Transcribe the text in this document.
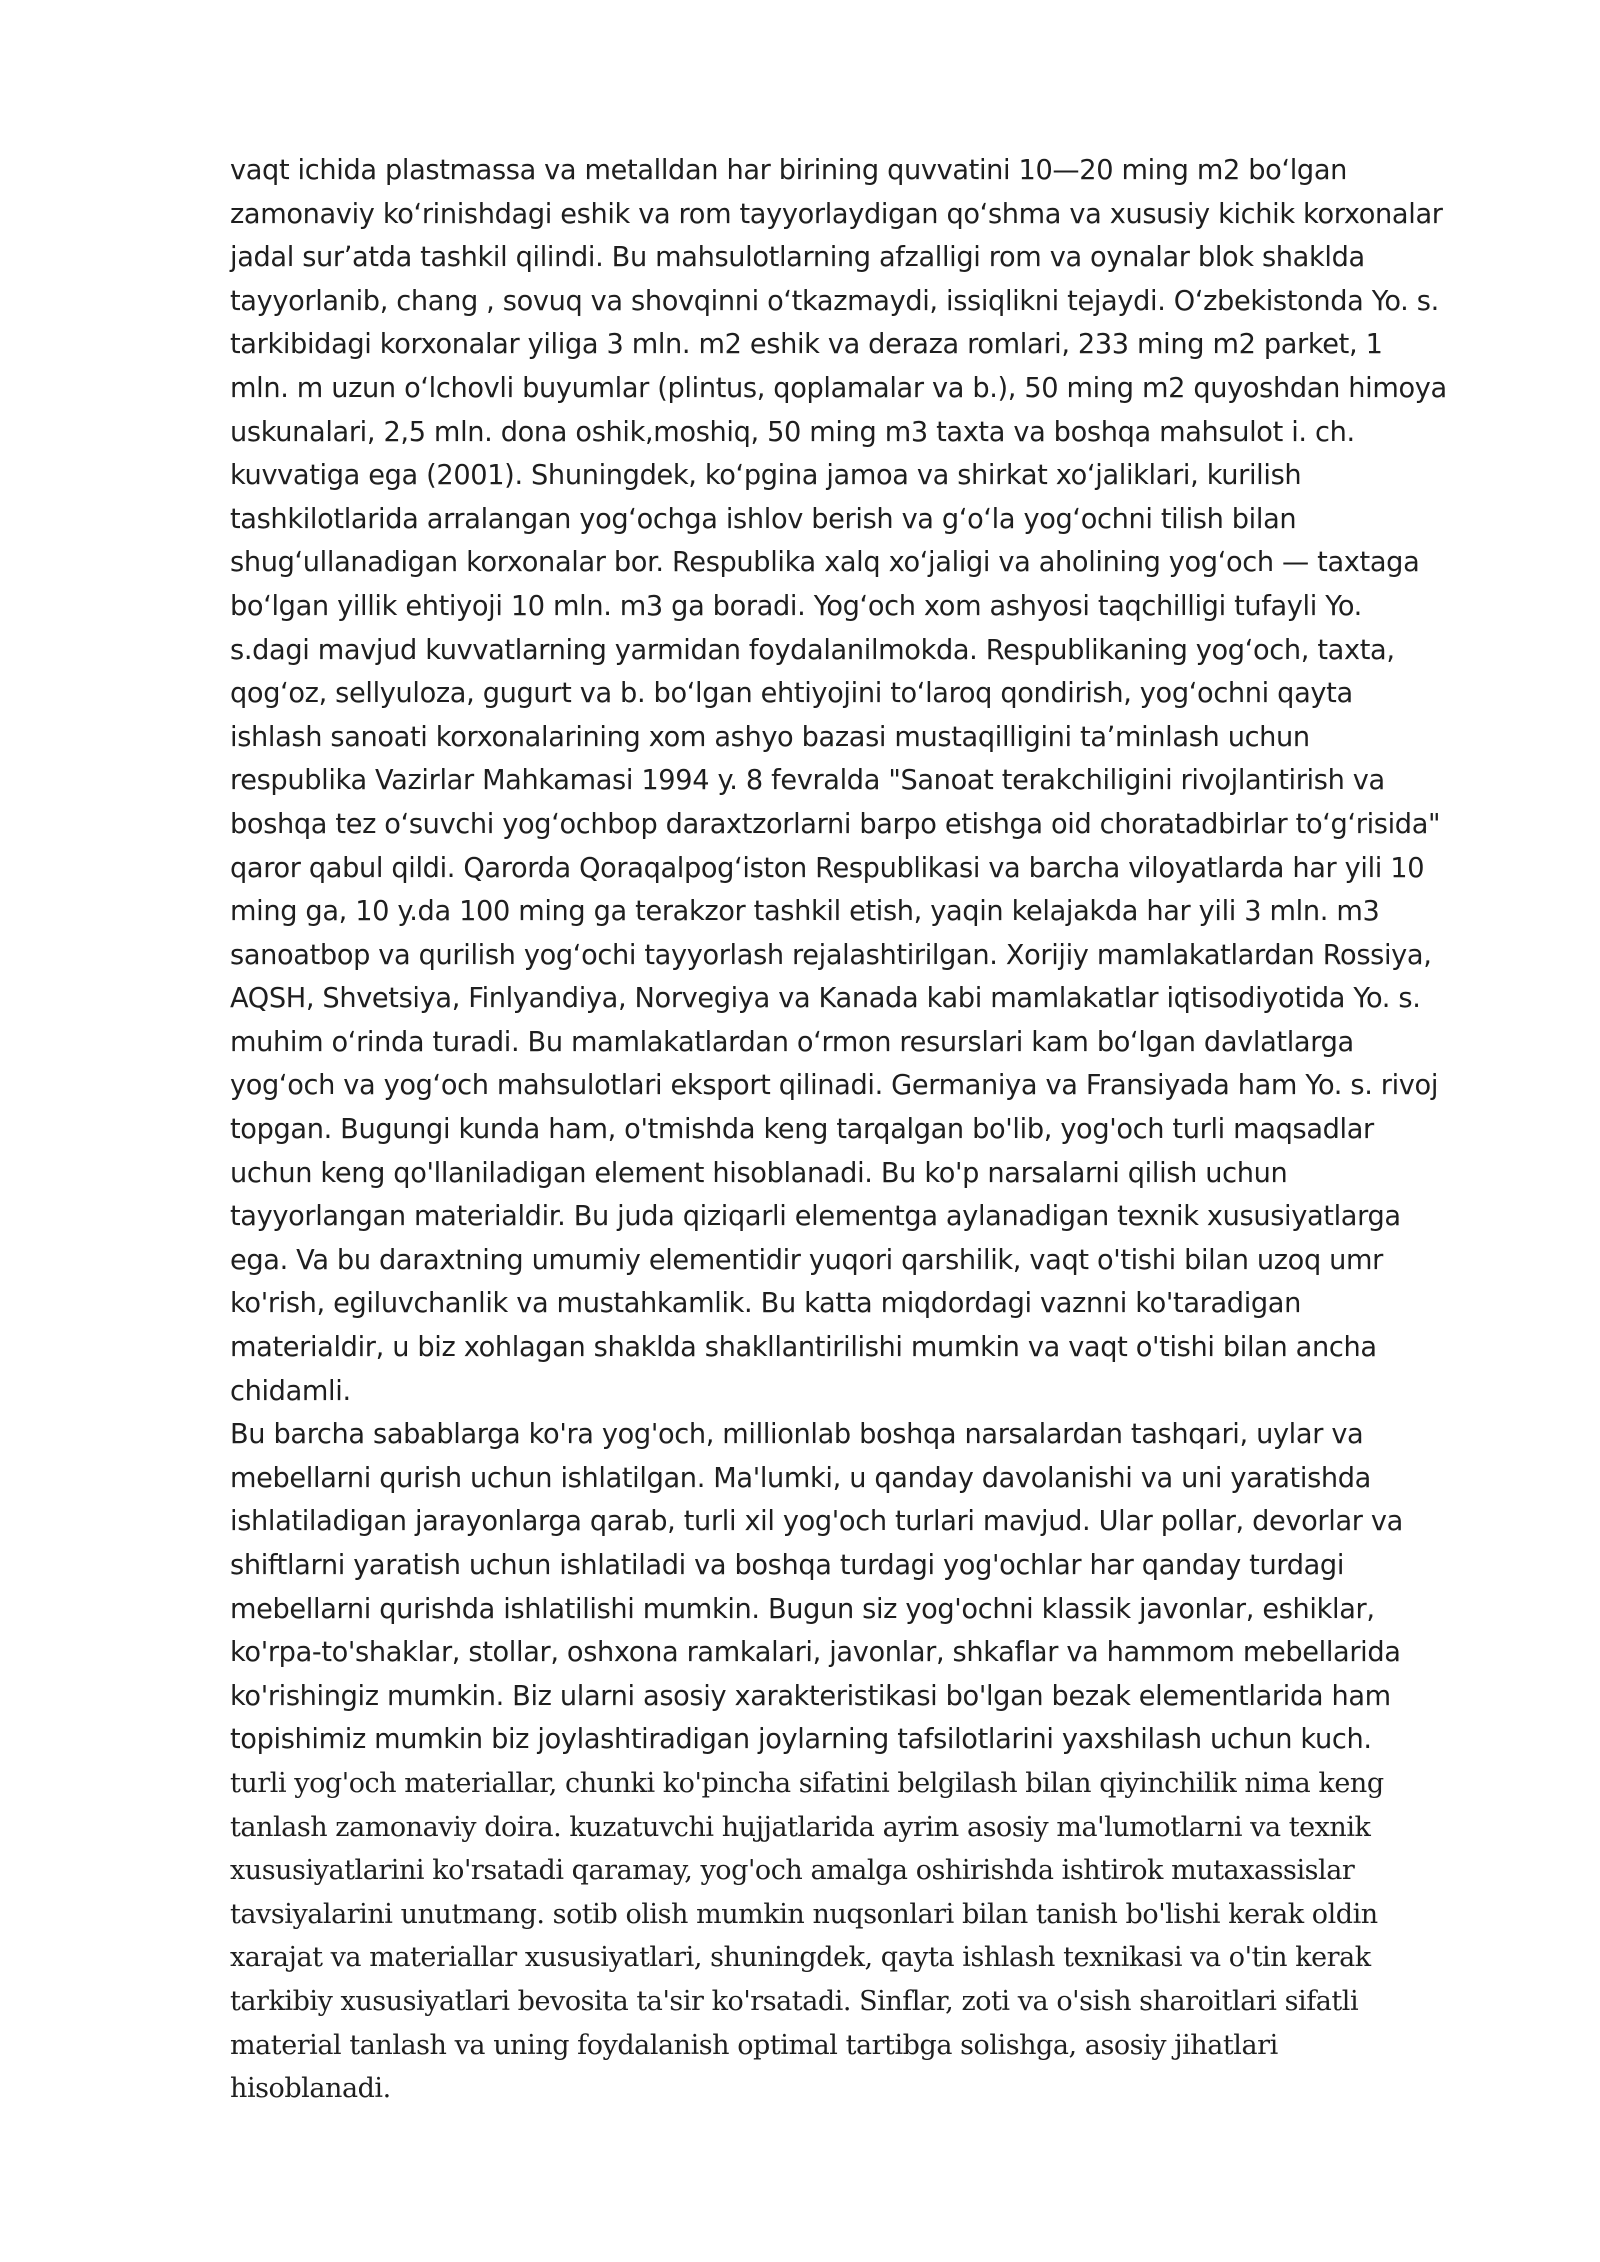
vaqt ichida plastmassa va metalldan har birining quvvatini 10—20 ming m2 boʻlgan
zamonaviy koʻrinishdagi eshik va rom tayyorlaydigan qoʻshma va xususiy kichik korxonalar
jadal surʼatda tashkil qilindi. Bu mahsulotlarning afzalligi rom va oynalar blok shaklda
tayyorlanib, chang , sovuq va shovqinni oʻtkazmaydi, issiqlikni tejaydi. Oʻzbekistonda Yo. s.
tarkibidagi korxonalar yiliga 3 mln. m2 eshik va deraza romlari, 233 ming m2 parket, 1
mln. m uzun oʻlchovli buyumlar (plintus, qoplamalar va b.), 50 ming m2 quyoshdan himoya
uskunalari, 2,5 mln. dona oshik,moshiq, 50 ming m3 taxta va boshqa mahsulot i. ch.
kuvvatiga ega (2001). Shuningdek, koʻpgina jamoa va shirkat xoʻjaliklari, kurilish
tashkilotlarida arralangan yogʻochga ishlov berish va gʻoʻla yogʻochni tilish bilan
shugʻullanadigan korxonalar bor. Respublika xalq xoʻjaligi va aholining yogʻoch — taxtaga
boʻlgan yillik ehtiyoji 10 mln. m3 ga boradi. Yogʻoch xom ashyosi taqchilligi tufayli Yo.
s.dagi mavjud kuvvatlarning yarmidan foydalanilmokda. Respublikaning yogʻoch, taxta,
qogʻoz, sellyuloza, gugurt va b. boʻlgan ehtiyojini toʻlaroq qondirish, yogʻochni qayta
ishlash sanoati korxonalarining xom ashyo bazasi mustaqilligini taʼminlash uchun
respublika Vazirlar Mahkamasi 1994 y. 8 fevralda "Sanoat terakchiligini rivojlantirish va
boshqa tez oʻsuvchi yogʻochbop daraxtzorlarni barpo etishga oid choratadbirlar toʻgʻrisida"
qaror qabul qildi. Qarorda Qoraqalpogʻiston Respublikasi va barcha viloyatlarda har yili 10
ming ga, 10 y.da 100 ming ga terakzor tashkil etish, yaqin kelajakda har yili 3 mln. m3
sanoatbop va qurilish yogʻochi tayyorlash rejalashtirilgan. Xorijiy mamlakatlardan Rossiya,
AQSH, Shvetsiya, Finlyandiya, Norvegiya va Kanada kabi mamlakatlar iqtisodiyotida Yo. s.
muhim oʻrinda turadi. Bu mamlakatlardan oʻrmon resurslari kam boʻlgan davlatlarga
yogʻoch va yogʻoch mahsulotlari eksport qilinadi. Germaniya va Fransiyada ham Yo. s. rivoj
topgan. Bugungi kunda ham, o'tmishda keng tarqalgan bo'lib, yog'och turli maqsadlar
uchun keng qo'llaniladigan element hisoblanadi. Bu ko'p narsalarni qilish uchun
tayyorlangan materialdir. Bu juda qiziqarli elementga aylanadigan texnik xususiyatlarga
ega. Va bu daraxtning umumiy elementidir yuqori qarshilik, vaqt o'tishi bilan uzoq umr
ko'rish, egiluvchanlik va mustahkamlik. Bu katta miqdordagi vaznni ko'taradigan
materialdir, u biz xohlagan shaklda shakllantirilishi mumkin va vaqt o'tishi bilan ancha
chidamli.
Bu barcha sabablarga ko'ra yog'och, millionlab boshqa narsalardan tashqari, uylar va
mebellarni qurish uchun ishlatilgan. Ma'lumki, u qanday davolanishi va uni yaratishda
ishlatiladigan jarayonlarga qarab, turli xil yog'och turlari mavjud. Ular pollar, devorlar va
shiftlarni yaratish uchun ishlatiladi va boshqa turdagi yog'ochlar har qanday turdagi
mebellarni qurishda ishlatilishi mumkin. Bugun siz yog'ochni klassik javonlar, eshiklar,
ko'rpa-to'shaklar, stollar, oshxona ramkalari, javonlar, shkaflar va hammom mebellarida
ko'rishingiz mumkin. Biz ularni asosiy xarakteristikasi bo'lgan bezak elementlarida ham
topishimiz mumkin biz joylashtiradigan joylarning tafsilotlarini yaxshilash uchun kuch.
turli yog'och materiallar, chunki ko'pincha sifatini belgilash bilan qiyinchilik nima keng
tanlash zamonaviy doira. kuzatuvchi hujjatlarida ayrim asosiy ma'lumotlarni va texnik
xususiyatlarini ko'rsatadi qaramay, yog'och amalga oshirishda ishtirok mutaxassislar
tavsiyalarini unutmang. sotib olish mumkin nuqsonlari bilan tanish bo'lishi kerak oldin
xarajat va materiallar xususiyatlari, shuningdek, qayta ishlash texnikasi va o'tin kerak
tarkibiy xususiyatlari bevosita ta'sir ko'rsatadi. Sinflar, zoti va o'sish sharoitlari sifatli
material tanlash va uning foydalanish optimal tartibga solishga, asosiy jihatlari
hisoblanadi.
